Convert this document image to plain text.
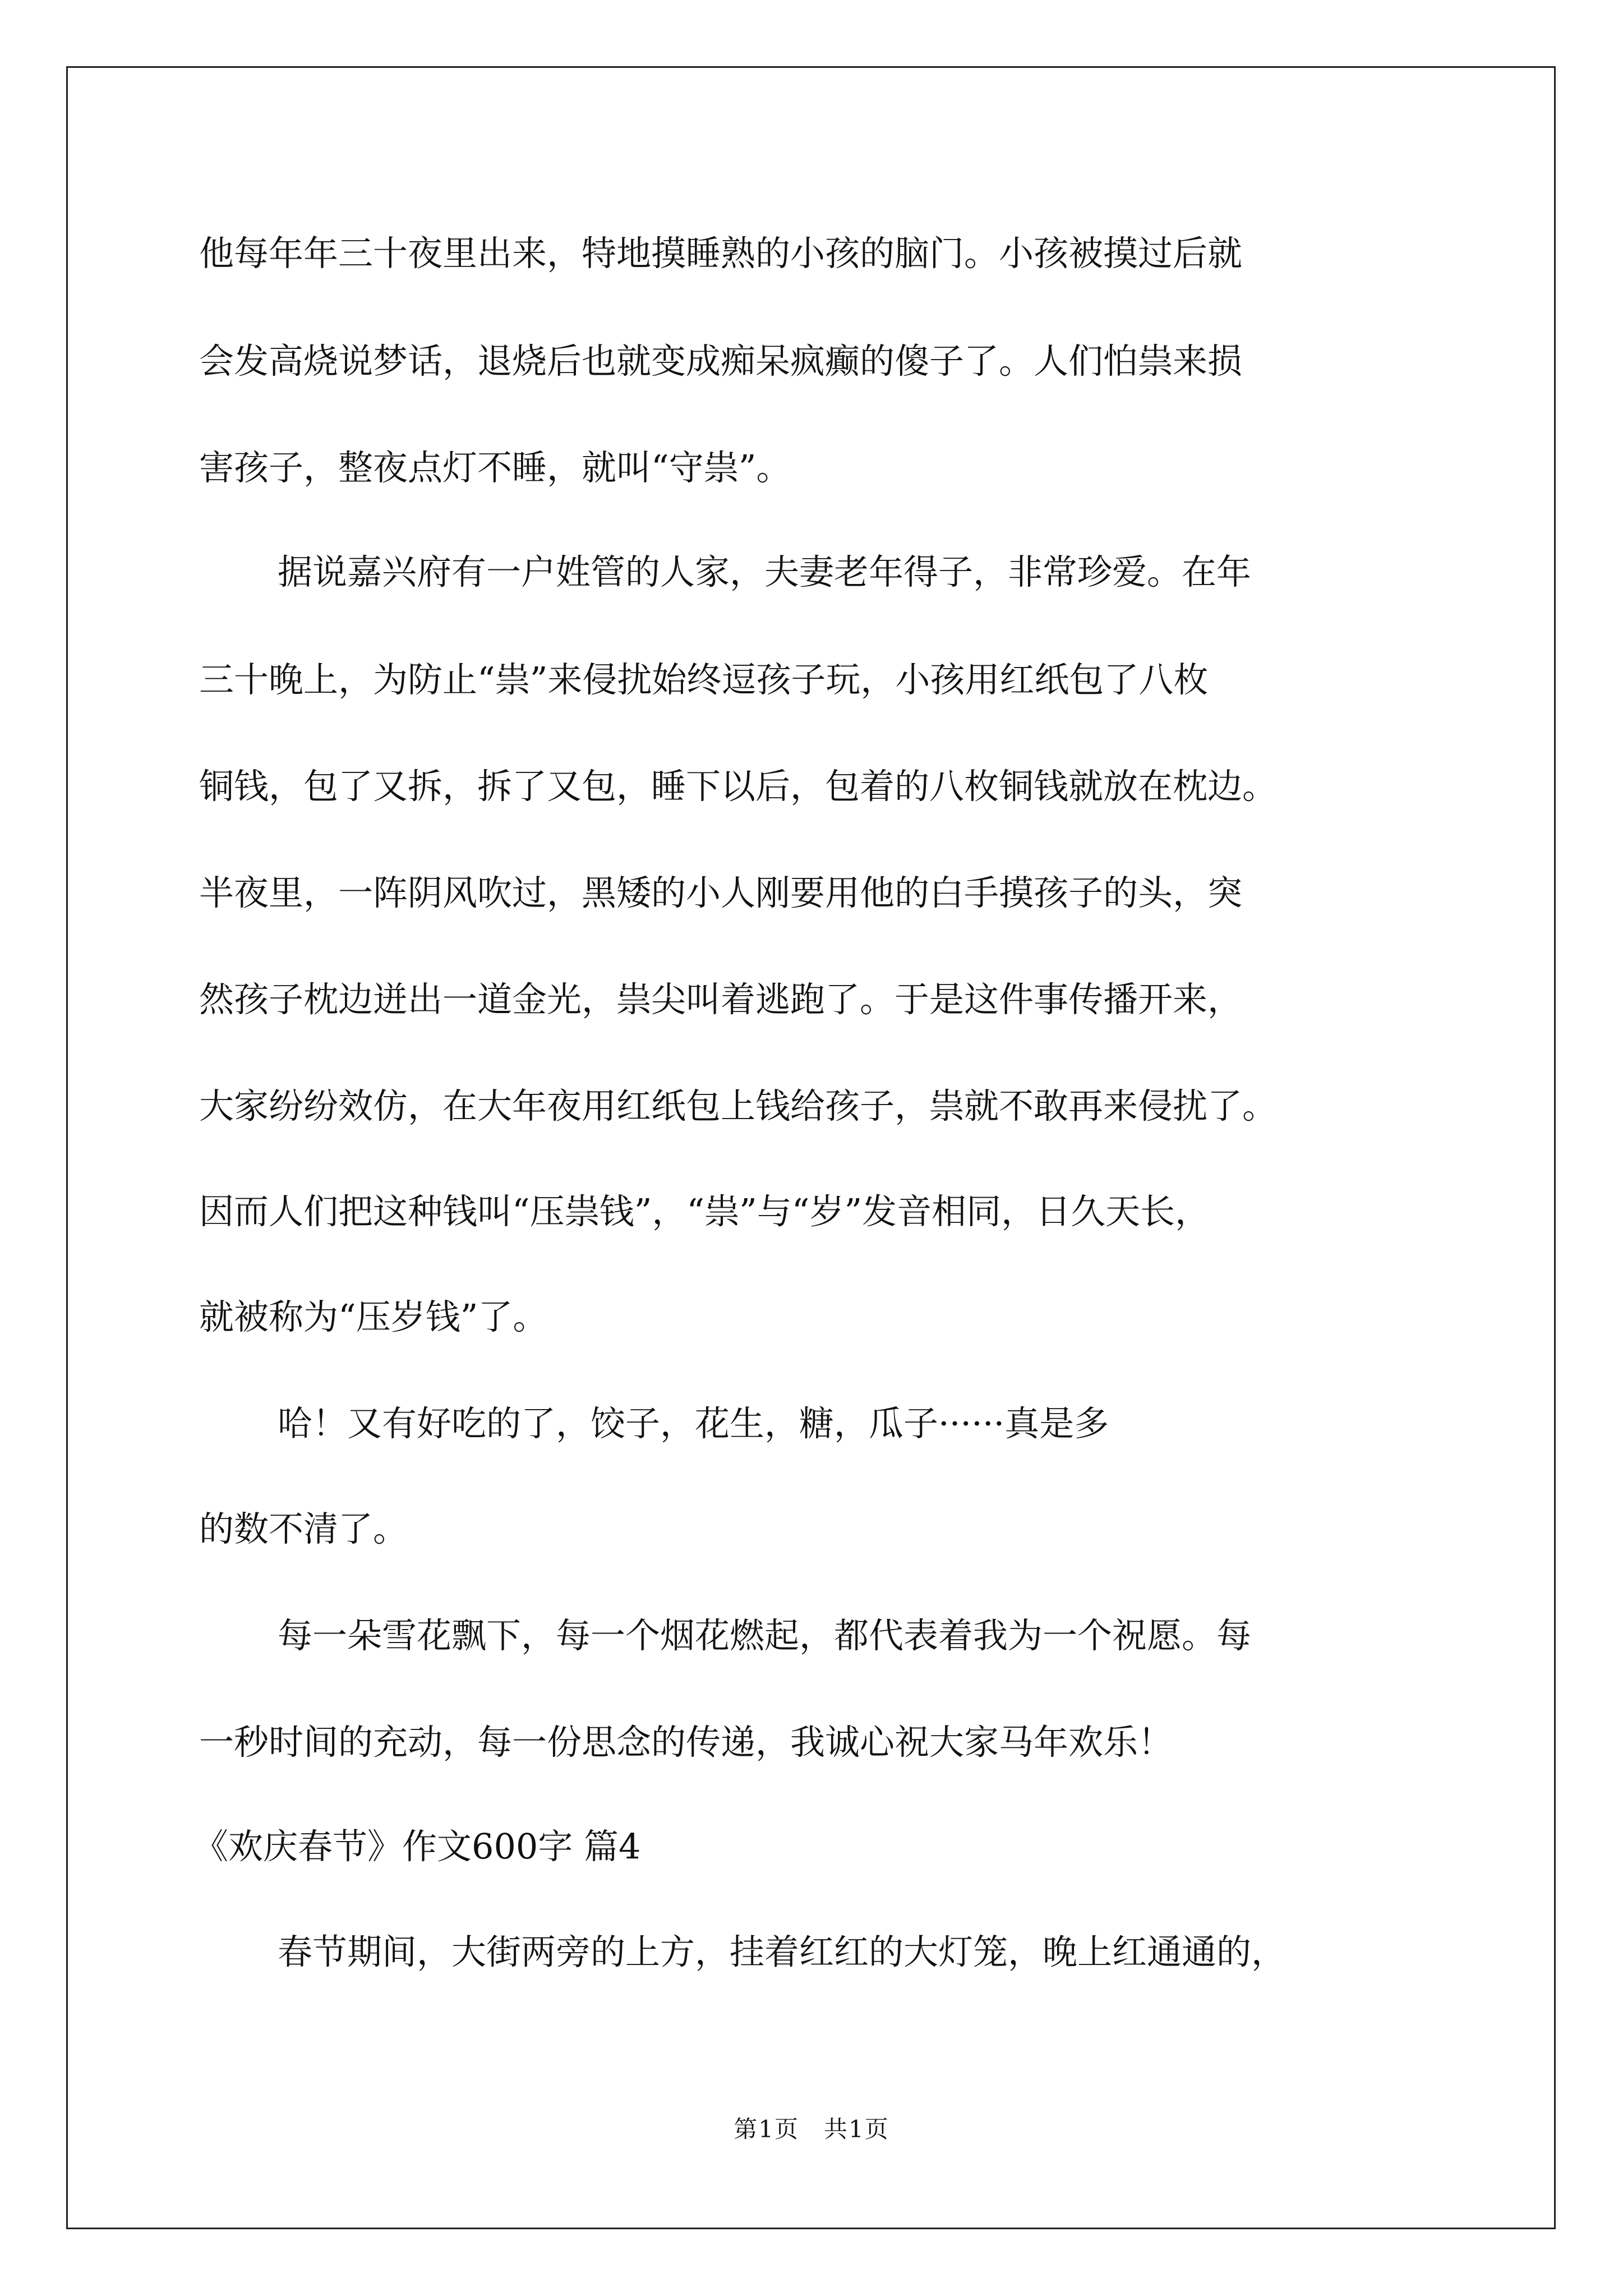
他每年年三十夜里出来，特地摸睡熟的小孩的脑门。小孩被摸过后就
会发高烧说梦话，退烧后也就变成痴呆疯癫的傻子了。人们怕祟来损
害孩子，整夜点灯不睡，就叫“守祟”。
据说嘉兴府有一户姓管的人家，夫妻老年得子，非常珍爱。在年
三十晚上，为防止“祟”来侵扰始终逗孩子玩，小孩用红纸包了八枚
铜钱，包了又拆，拆了又包，睡下以后，包着的八枚铜钱就放在枕边。
半夜里，一阵阴风吹过，黑矮的小人刚要用他的白手摸孩子的头，突
然孩子枕边迸出一道金光，祟尖叫着逃跑了。于是这件事传播开来，
大家纷纷效仿，在大年夜用红纸包上钱给孩子，祟就不敢再来侵扰了。
因而人们把这种钱叫“压祟钱”，“祟”与“岁”发音相同，日久天长，
就被称为“压岁钱”了。
哈！又有好吃的了，饺子，花生，糖，瓜子······真是多
的数不清了。
每一朵雪花飘下，每一个烟花燃起，都代表着我为一个祝愿。每
一秒时间的充动，每一份思念的传递，我诚心祝大家马年欢乐！
《欢庆春节》作文600字 篇4
春节期间，大街两旁的上方，挂着红红的大灯笼，晚上红通通的，
第1页　共1页
